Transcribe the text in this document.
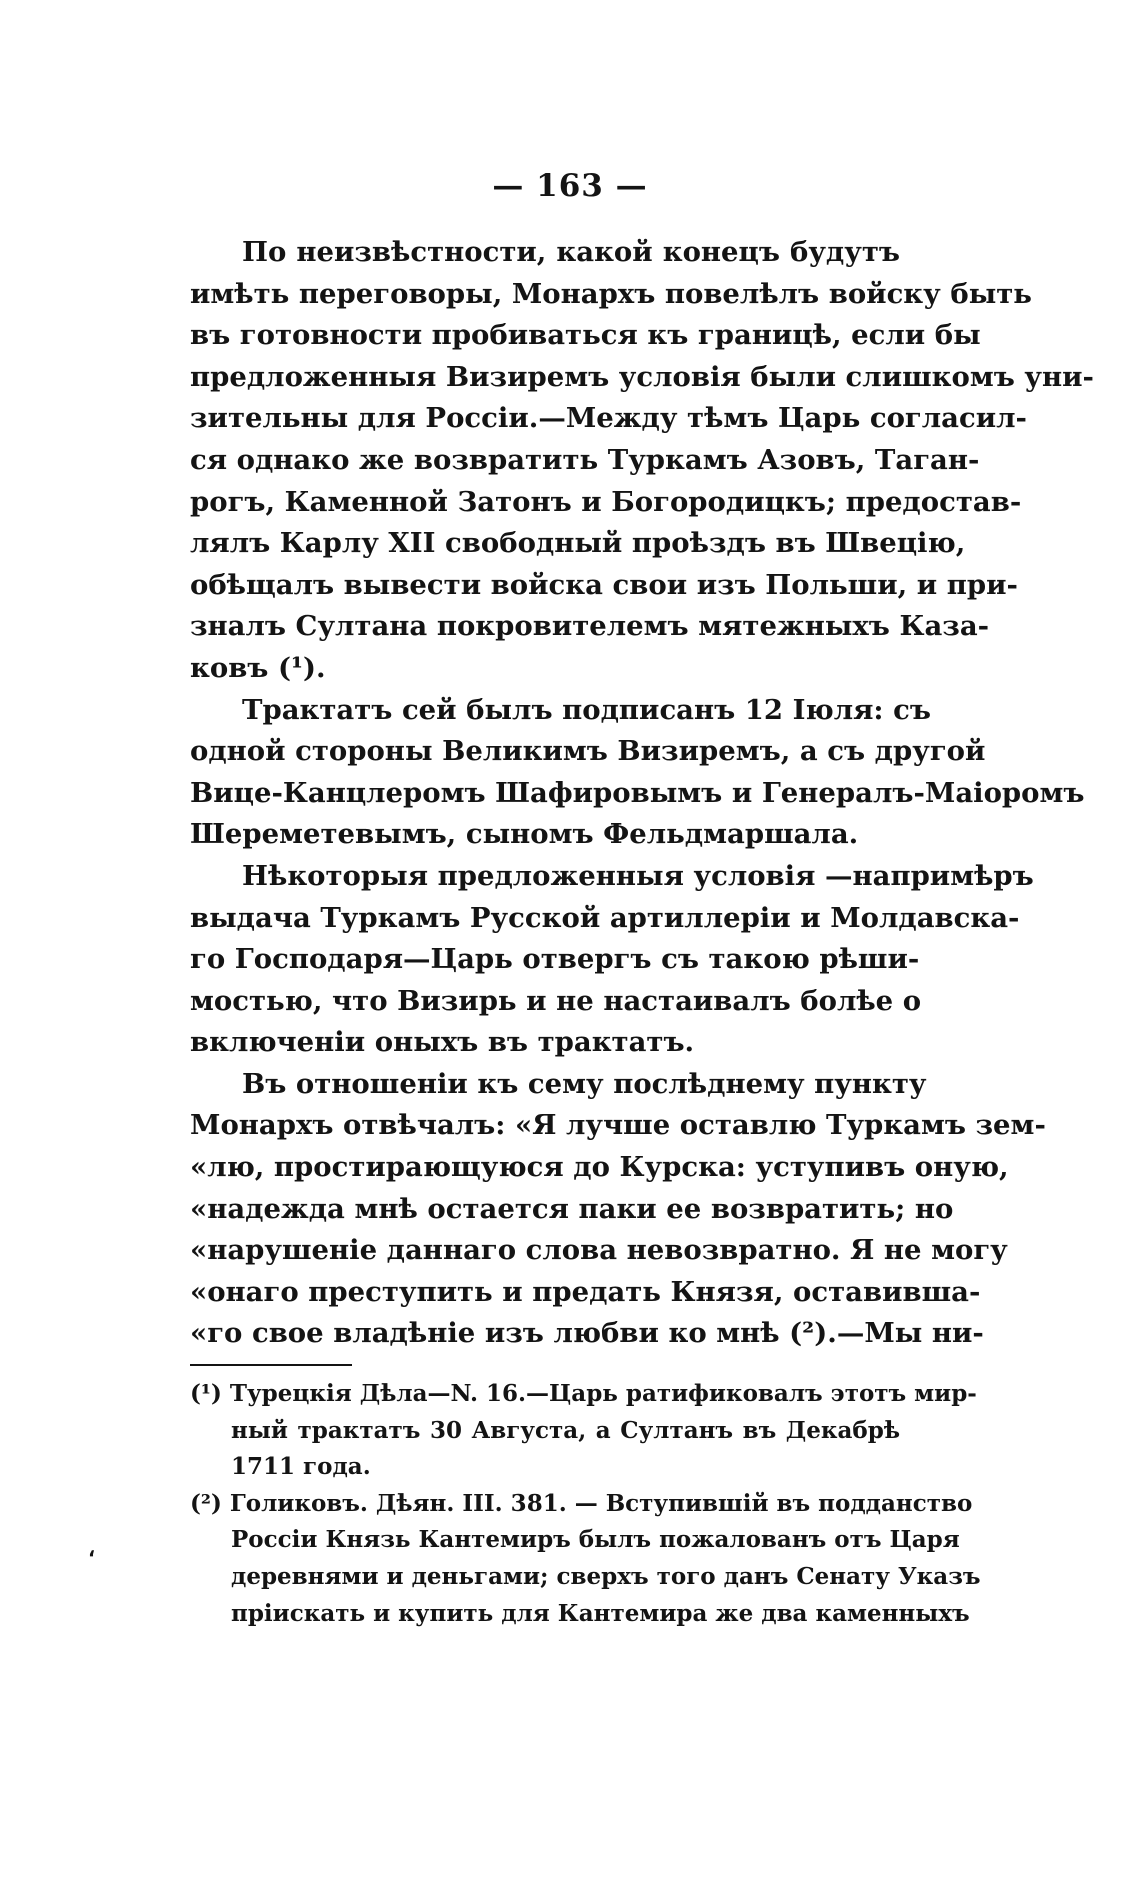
— 163 —
По неизвѣстности, какой конецъ будутъ
имѣть переговоры, Монархъ повелѣлъ войску быть
въ готовности пробиваться къ границѣ, если бы
предложенныя Визиремъ условія были слишкомъ уни-
зительны для Россіи.—Между тѣмъ Царь согласил-
ся однако же возвратить Туркамъ Азовъ, Таган-
рогъ, Каменной Затонъ и Богородицкъ; предостав-
лялъ Карлу XII свободный проѣздъ въ Швецію,
обѣщалъ вывести войска свои изъ Польши, и при-
зналъ Султана покровителемъ мятежныхъ Каза-
ковъ (¹).
Трактатъ сей былъ подписанъ 12 Іюля: съ
одной стороны Великимъ Визиремъ, а съ другой
Вице-Канцлеромъ Шафировымъ и Генералъ-Маіоромъ
Шереметевымъ, сыномъ Фельдмаршала.
Нѣкоторыя предложенныя условія —напримѣръ
выдача Туркамъ Русской артиллеріи и Молдавска-
го Господаря—Царь отвергъ съ такою рѣши-
мостью, что Визирь и не настаивалъ болѣе о
включеніи оныхъ въ трактатъ.
Въ отношеніи къ сему послѣднему пункту
Монархъ отвѣчалъ: «Я лучше оставлю Туркамъ зем-
«лю, простирающуюся до Курска: уступивъ оную,
«надежда мнѣ остается паки ее возвратить; но
«нарушеніе даннаго слова невозвратно. Я не могу
«онаго преступить и предать Князя, оставивша-
«го свое владѣніе изъ любви ко мнѣ (²).—Мы ни-
(¹) Турецкія Дѣла—N. 16.—Царь ратификовалъ этотъ мир-
ный трактатъ 30 Августа, а Султанъ въ Декабрѣ
1711 года.
(²) Голиковъ. Дѣян. III. 381. — Вступившій въ подданство
Россіи Князь Кантемиръ былъ пожалованъ отъ Царя
деревнями и деньгами; сверхъ того данъ Сенату Указъ
пріискать и купить для Кантемира же два каменныхъ
،
